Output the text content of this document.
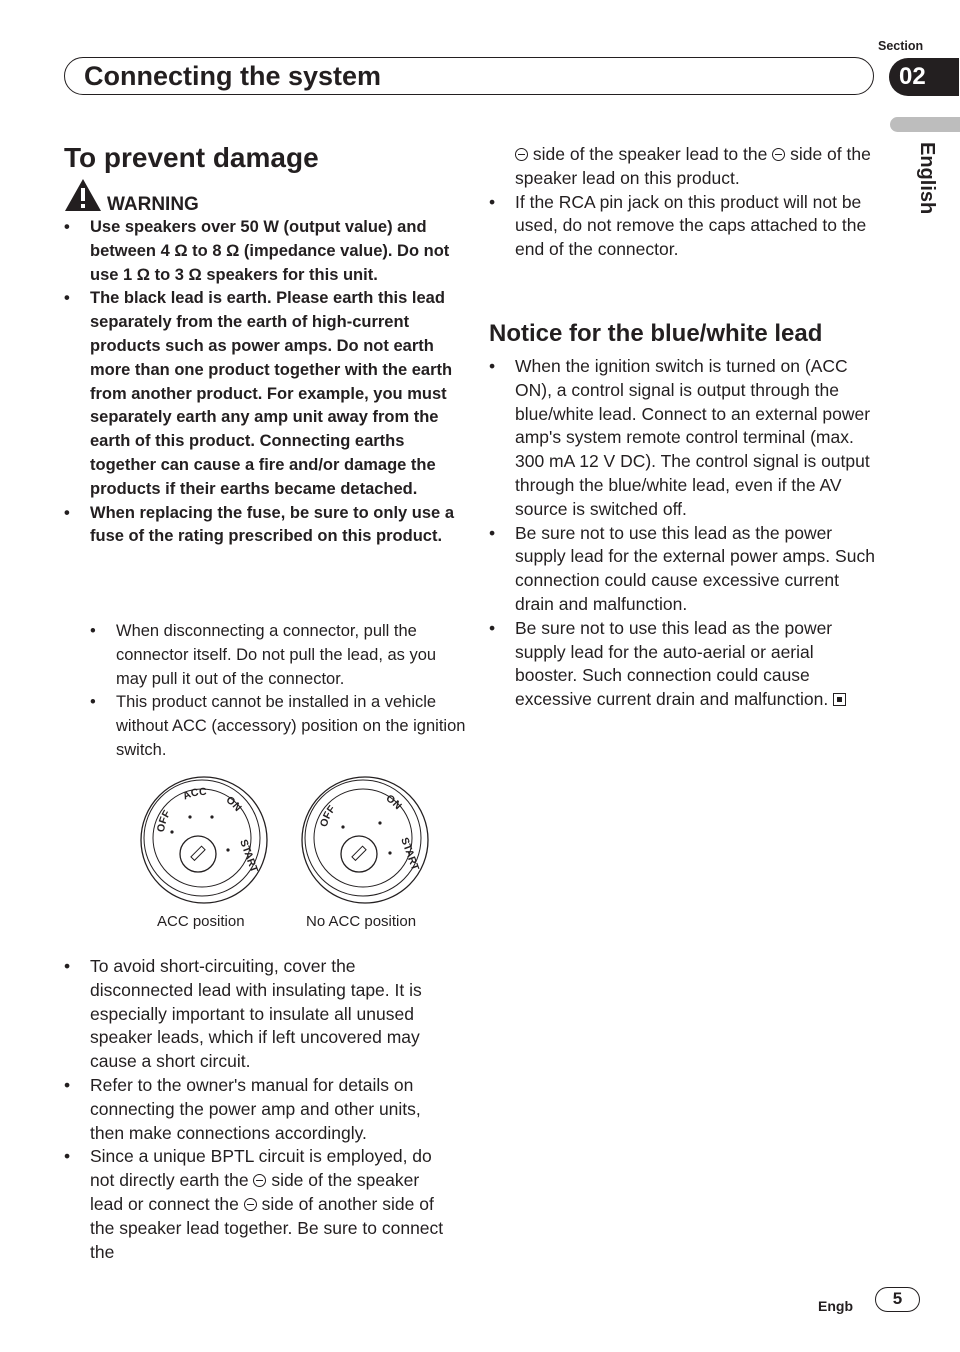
Connecting the system
Section
02
English
To prevent damage
WARNING
• Use speakers over 50 W (output value) and between 4 Ω to 8 Ω (impedance value). Do not use 1 Ω to 3 Ω speakers for this unit.
• The black lead is earth. Please earth this lead separately from the earth of high-current products such as power amps. Do not earth more than one product together with the earth from another product. For example, you must separately earth any amp unit away from the earth of this product. Connecting earths together can cause a fire and/or damage the products if their earths became detached.
• When replacing the fuse, be sure to only use a fuse of the rating prescribed on this product.
• When disconnecting a connector, pull the connector itself. Do not pull the lead, as you may pull it out of the connector.
• This product cannot be installed in a vehicle without ACC (accessory) position on the ignition switch.
OFF
ACC
ON
START
OFF
ON
START
ACC position	No ACC position
• To avoid short-circuiting, cover the disconnected lead with insulating tape. It is especially important to insulate all unused speaker leads, which if left uncovered may cause a short circuit.
• Refer to the owner's manual for details on connecting the power amp and other units, then make connections accordingly.
• Since a unique BPTL circuit is employed, do not directly earth the side of the speaker lead or connect the side of another side of the speaker lead together. Be sure to connect the
side of the speaker lead to the side of the speaker lead on this product.
• If the RCA pin jack on this product will not be used, do not remove the caps attached to the end of the connector.
Notice for the blue/white lead
• When the ignition switch is turned on (ACC ON), a control signal is output through the blue/white lead. Connect to an external power amp's system remote control terminal (max. 300 mA 12 V DC). The control signal is output through the blue/white lead, even if the AV source is switched off.
• Be sure not to use this lead as the power supply lead for the external power amps. Such connection could cause excessive current drain and malfunction.
• Be sure not to use this lead as the power supply lead for the auto-aerial or aerial booster. Such connection could cause excessive current drain and malfunction.
Engb	5
